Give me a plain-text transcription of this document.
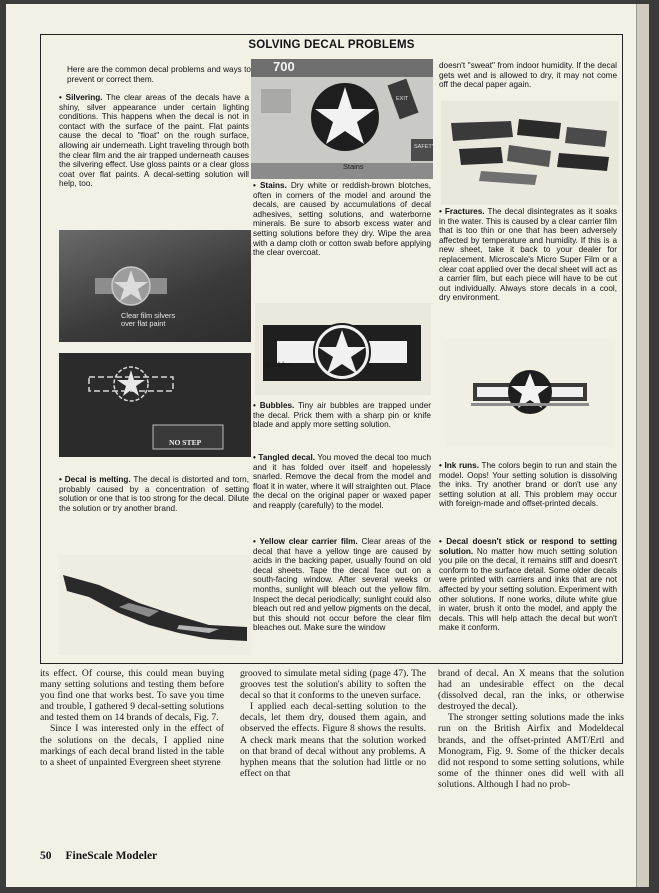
SOLVING DECAL PROBLEMS

Here are the common decal problems and ways to prevent or correct them.

• Silvering. The clear areas of the decals have a shiny, silver appearance under certain lighting conditions. This happens when the decal is not in contact with the surface of the paint. Flat paints cause the decal to "float" on the rough surface, allowing air underneath. Light traveling through both the clear film and the air trapped underneath causes the silvering effect. Use gloss paints or a clear gloss coat over flat paints. A decal-setting solution will help, too.

Clear film silvers
over flat paint
NO STEP

• Decal is melting. The decal is distorted and torn, probably caused by a concentration of setting solution or one that is too strong for the decal. Dilute the solution or try another brand.

700
Stains
EXIT
SAFETY

• Stains. Dry white or reddish-brown blotches, often in corners of the model and around the decals, are caused by accumulations of decal adhesives, setting solutions, and waterborne minerals. Be sure to absorb excess water and setting solutions before they dry. Wipe the area with a damp cloth or cotton swab before applying the clear overcoat.

Bubbles

• Bubbles. Tiny air bubbles are trapped under the decal. Prick them with a sharp pin or knife blade and apply more setting solution.

• Tangled decal. You moved the decal too much and it has folded over itself and hopelessly snarled. Remove the decal from the model and float it in water, where it will straighten out. Place the decal on the original paper or waxed paper and reapply (carefully) to the model.

• Yellow clear carrier film. Clear areas of the decal that have a yellow tinge are caused by acids in the backing paper, usually found on old decal sheets. Tape the decal face out on a south-facing window. After several weeks or months, sunlight will bleach out the yellow film. Inspect the decal periodically; sunlight could also bleach out red and yellow pigments on the decal, but this should not occur before the clear film bleaches out. Make sure the window

doesn't "sweat" from indoor humidity. If the decal gets wet and is allowed to dry, it may not come off the decal paper again.

• Fractures. The decal disintegrates as it soaks in the water. This is caused by a clear carrier film that is too thin or one that has been adversely affected by temperature and humidity. If this is a new sheet, take it back to your dealer for replacement. Microscale's Micro Super Film or a clear coat applied over the decal sheet will act as a carrier film, but each piece will have to be cut out individually. Always store decals in a cool, dry environment.

• Ink runs. The colors begin to run and stain the model. Oops! Your setting solution is dissolving the inks. Try another brand or don't use any setting solution at all. This problem may occur with foreign-made and offset-printed decals.

• Decal doesn't stick or respond to setting solution. No matter how much setting solution you pile on the decal, it remains stiff and doesn't conform to the surface detail. Some older decals were printed with carriers and inks that are not affected by your setting solution. Experiment with other solutions. If none works, dilute white glue in water, brush it onto the model, and apply the decals. This will help attach the decal but won't make it conform.

its effect. Of course, this could mean buying many setting solutions and testing them before you find one that works best. To save you time and trouble, I gathered 9 decal-setting solutions and tested them on 14 brands of decals, Fig. 7.

Since I was interested only in the effect of the solutions on the decals, I applied nine markings of each decal brand listed in the table to a sheet of unpainted Evergreen sheet styrene

grooved to simulate metal siding (page 47). The grooves test the solution's ability to soften the decal so that it conforms to the uneven surface.

I applied each decal-setting solution to the decals, let them dry, doused them again, and observed the effects. Figure 8 shows the results. A check mark means that the solution worked on that brand of decal without any problems. A hyphen means that the solution had little or no effect on that

brand of decal. An X means that the solution had an undesirable effect on the decal (dissolved decal, ran the inks, or otherwise destroyed the decal).

The stronger setting solutions made the inks run on the British Airfix and Modeldecal brands, and the offset-printed AMT/Ertl and Monogram, Fig. 9. Some of the thicker decals did not respond to some setting solutions, while some of the thinner ones did well with all solutions. Although I had no prob-

50 FineScale Modeler
